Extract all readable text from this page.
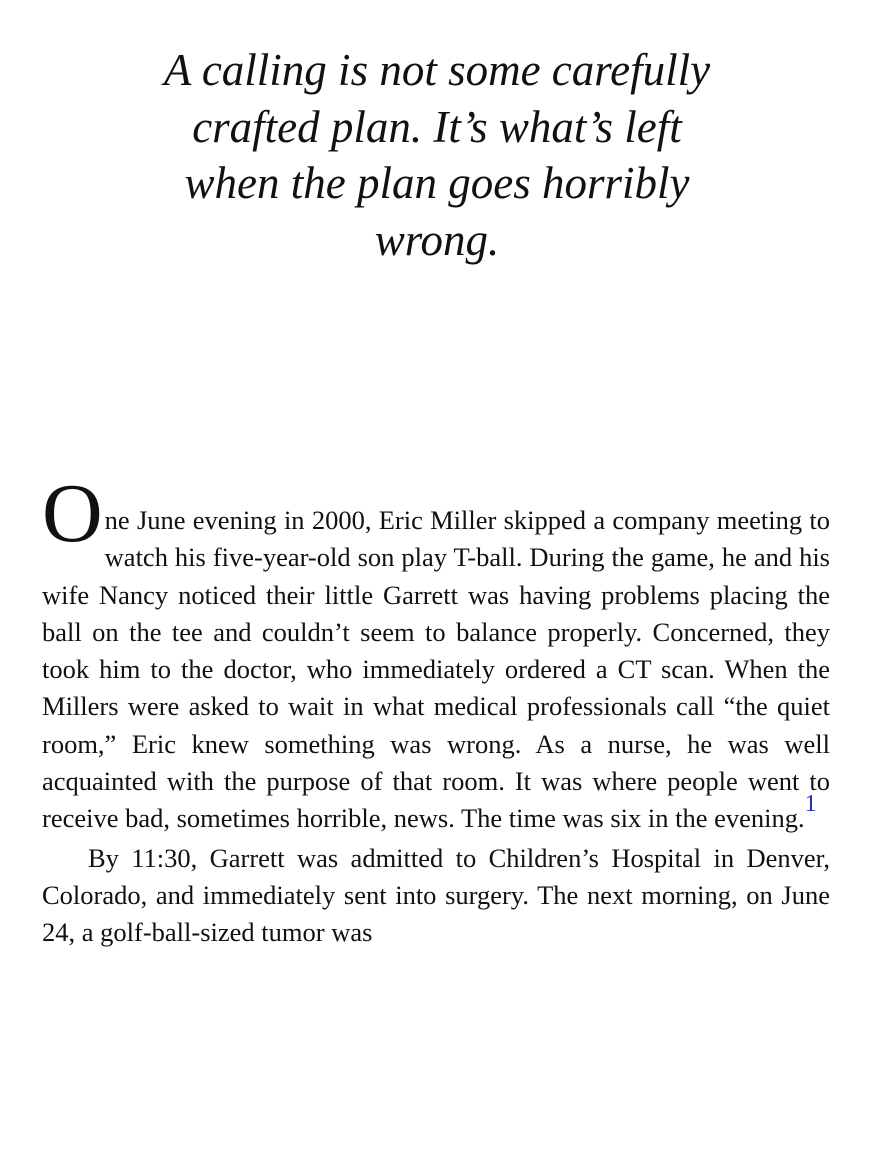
A calling is not some carefully crafted plan. It’s what’s left when the plan goes horribly wrong.

O ne June evening in 2000, Eric Miller skipped a company meeting to watch his five-year-old son play T-ball. During the game, he and his wife Nancy noticed their little Garrett was having problems placing the ball on the tee and couldn’t seem to balance properly. Concerned, they took him to the doctor, who immediately ordered a CT scan. When the Millers were asked to wait in what medical professionals call “the quiet room,” Eric knew something was wrong. As a nurse, he was well acquainted with the purpose of that room. It was where people went to receive bad, sometimes horrible, news. The time was six in the evening.1

By 11:30, Garrett was admitted to Children’s Hospital in Denver, Colorado, and immediately sent into surgery. The next morning, on June 24, a golf-ball-sized tumor was
